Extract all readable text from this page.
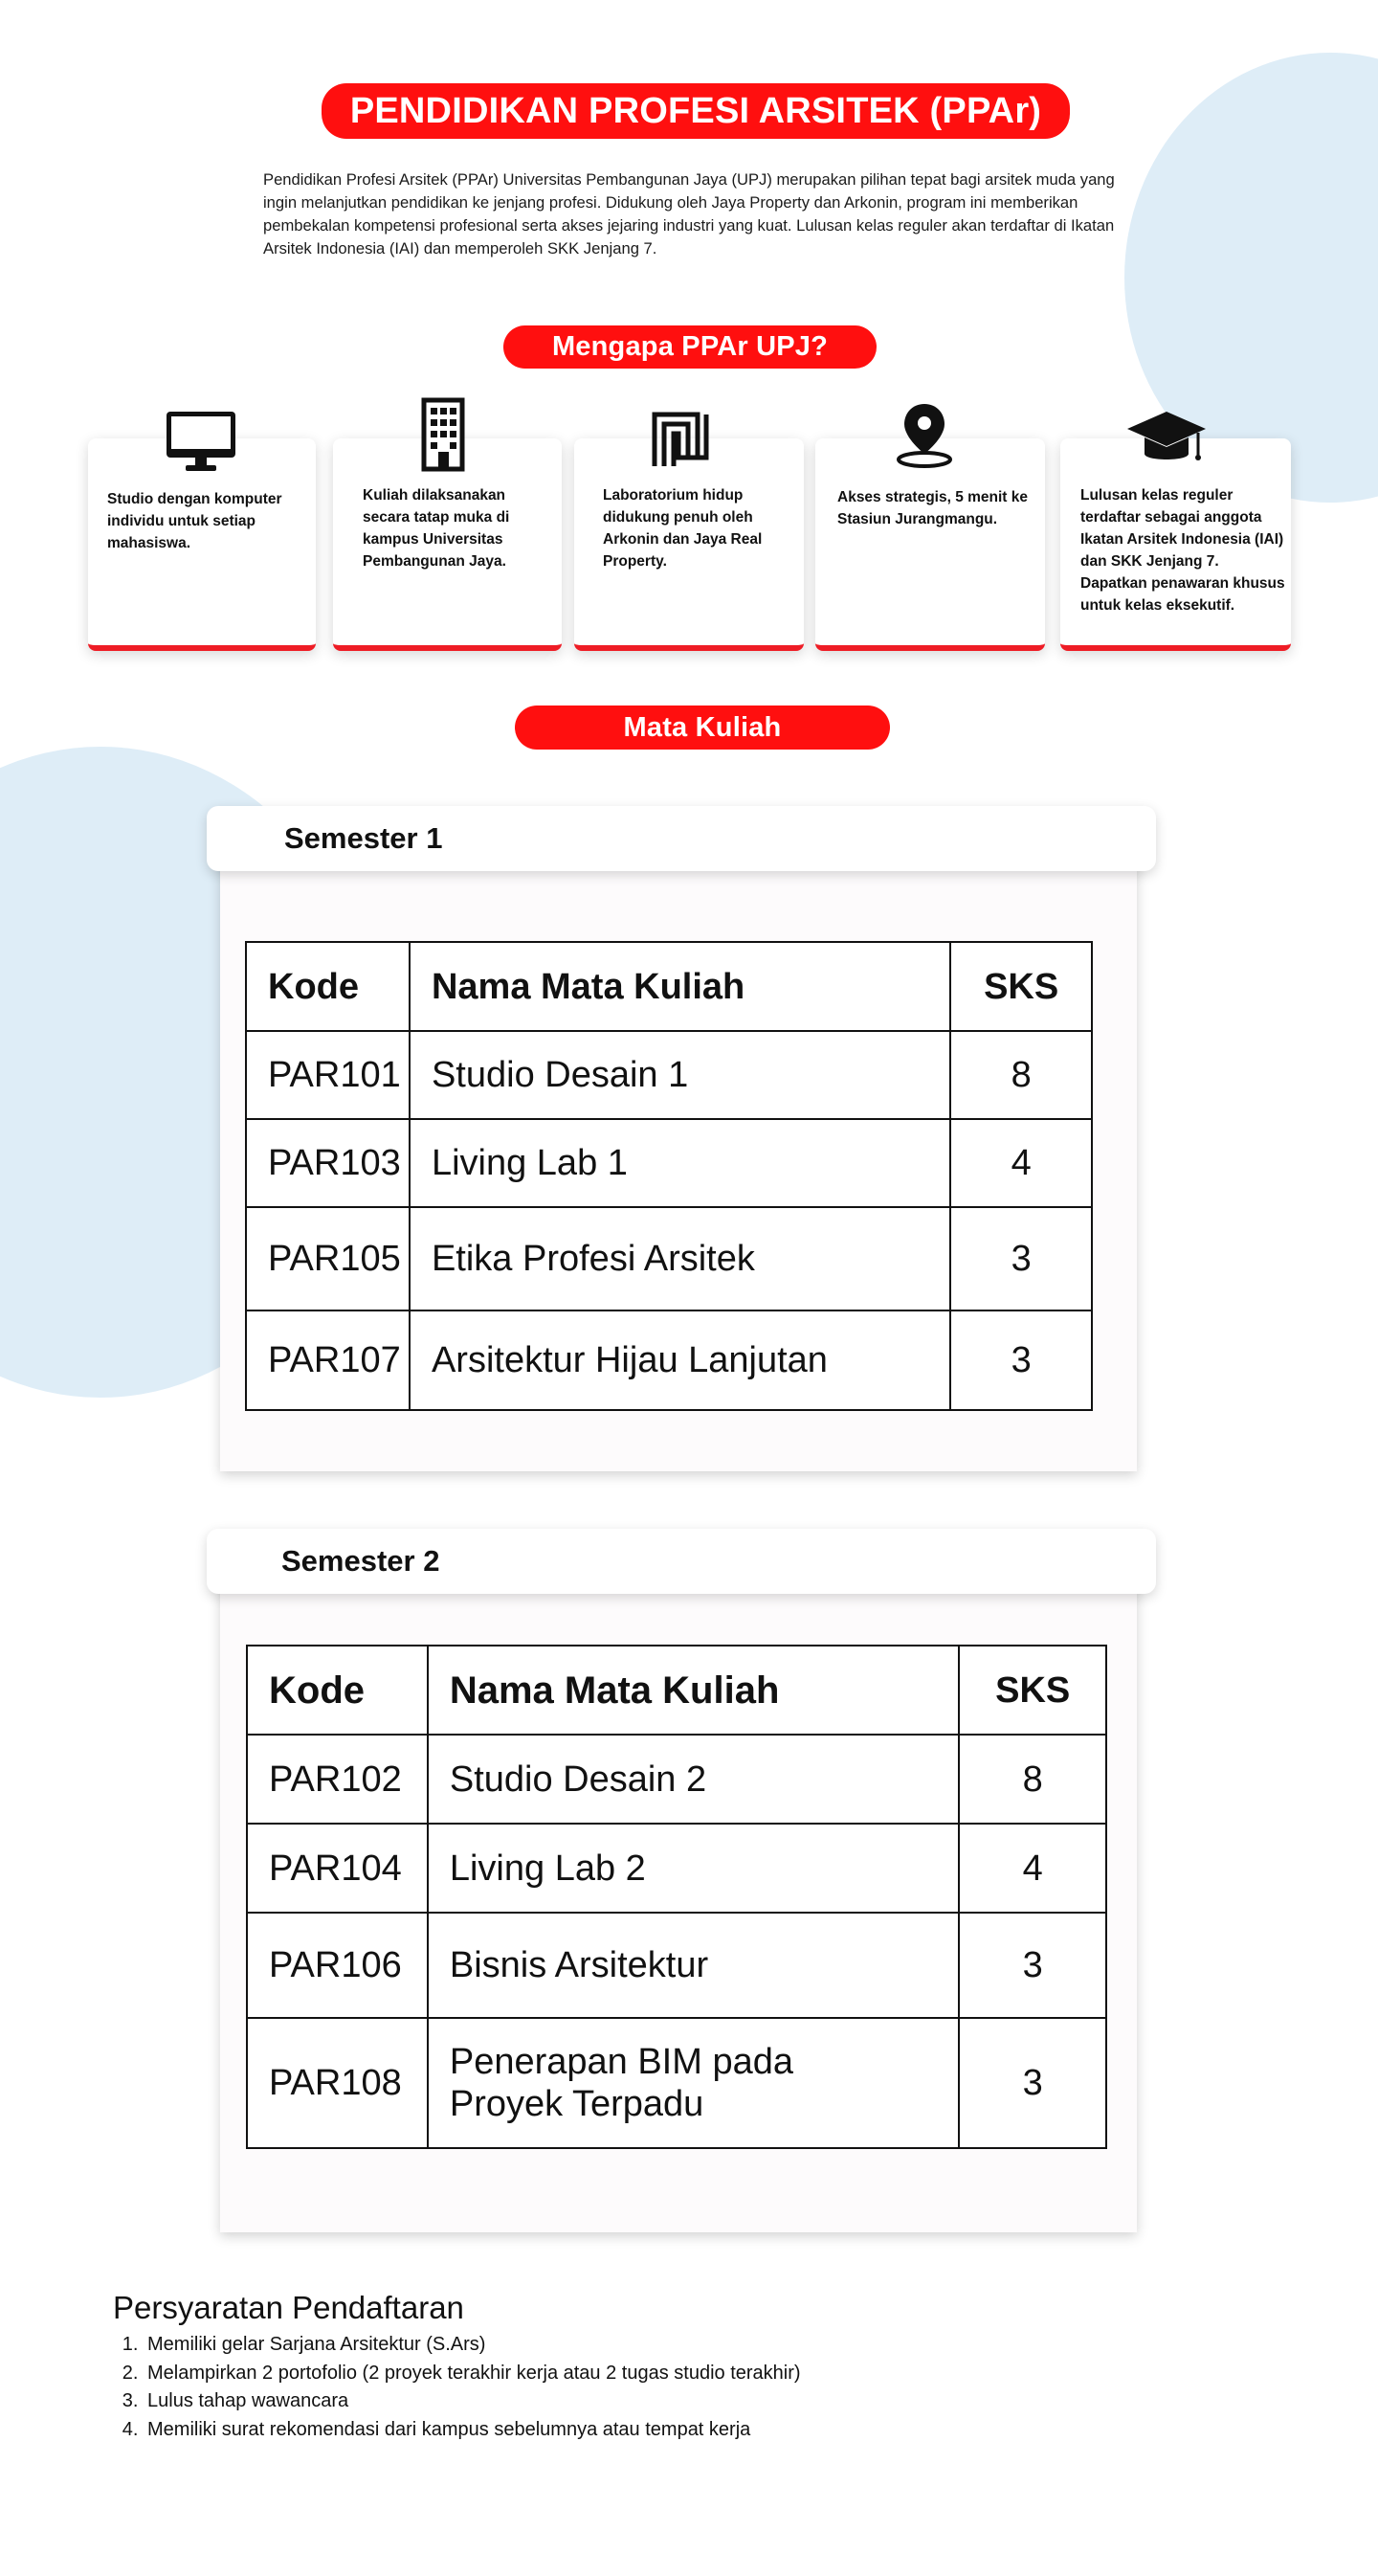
PENDIDIKAN PROFESI ARSITEK (PPAr)

Pendidikan Profesi Arsitek (PPAr) Universitas Pembangunan Jaya (UPJ) merupakan pilihan tepat bagi arsitek muda yang ingin melanjutkan pendidikan ke jenjang profesi. Didukung oleh Jaya Property dan Arkonin, program ini memberikan pembekalan kompetensi profesional serta akses jejaring industri yang kuat. Lulusan kelas reguler akan terdaftar di Ikatan Arsitek Indonesia (IAI) dan memperoleh SKK Jenjang 7.

Mengapa PPAr UPJ?
Studio dengan komputer individu untuk setiap mahasiswa.
Kuliah dilaksanakan secara tatap muka di kampus Universitas Pembangunan Jaya.
Laboratorium hidup didukung penuh oleh Arkonin dan Jaya Real Property.
Akses strategis, 5 menit ke Stasiun Jurangmangu.
Lulusan kelas reguler terdaftar sebagai anggota Ikatan Arsitek Indonesia (IAI) dan SKK Jenjang 7. Dapatkan penawaran khusus untuk kelas eksekutif.
Mata Kuliah
Semester 1
Kode	Nama Mata Kuliah	SKS
PAR101	Studio Desain 1	8
PAR103	Living Lab 1	4
PAR105	Etika Profesi Arsitek	3
PAR107	Arsitektur Hijau Lanjutan	3
Semester 2
Kode	Nama Mata Kuliah	SKS
PAR102	Studio Desain 2	8
PAR104	Living Lab 2	4
PAR106	Bisnis Arsitektur	3
PAR108	Penerapan BIM pada Proyek Terpadu	3
Persyaratan Pendaftaran
1. Memiliki gelar Sarjana Arsitektur (S.Ars)
2. Melampirkan 2 portofolio (2 proyek terakhir kerja atau 2 tugas studio terakhir)
3. Lulus tahap wawancara
4. Memiliki surat rekomendasi dari kampus sebelumnya atau tempat kerja
